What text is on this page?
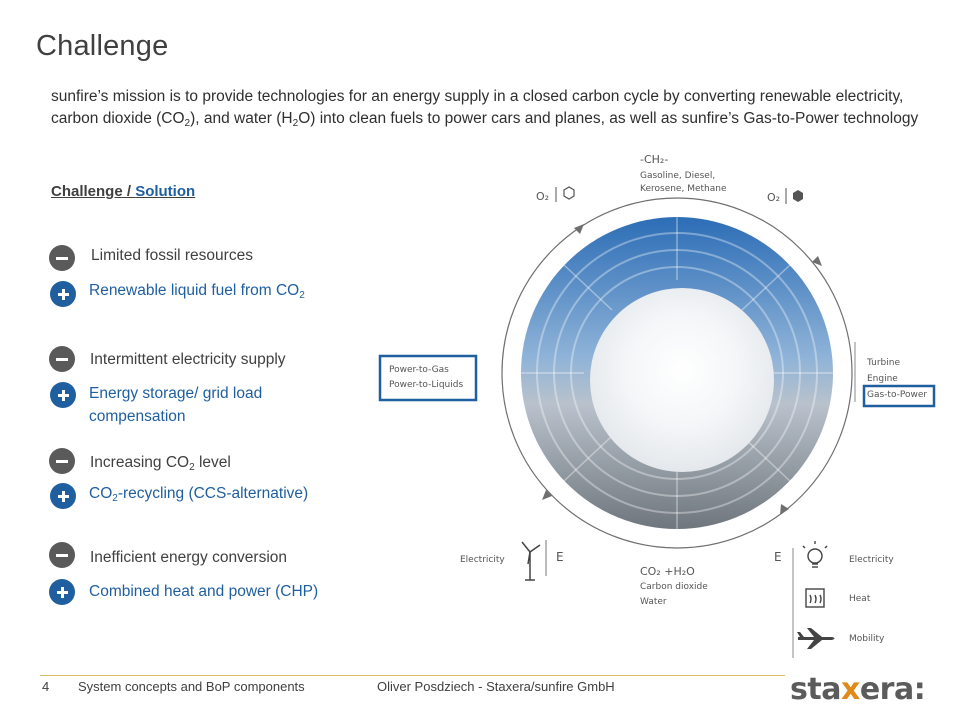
Challenge
sunfire’s mission is to provide technologies for an energy supply in a closed carbon cycle by converting renewable electricity, carbon dioxide $(CO_2)$, and water $(H_2O)$ into clean fuels to power cars and planes, as well as sunfire’s Gas-to-Power technology
Challenge / Solution
Limited fossil resources
Renewable liquid fuel from $CO_2$
Intermittent electricity supply
Energy storage/ grid load compensation
Increasing $CO_2$ level
$CO_2$-recycling (CCS-alternative)
Inefficient energy conversion
Combined heat and power (CHP)
-CH₂-
Gasoline, Diesel,
Kerosene, Methane
O₂	O₂
Power-to-Gas
Power-to-Liquids
Turbine
Engine
Gas-to-Power
Electricity	E	E
CO₂ +H₂O
Carbon dioxide
Water
Electricity
Heat
Mobility
4 System concepts and BoP components	Oliver Posdziech - Staxera/sunfire GmbH	staxera:
